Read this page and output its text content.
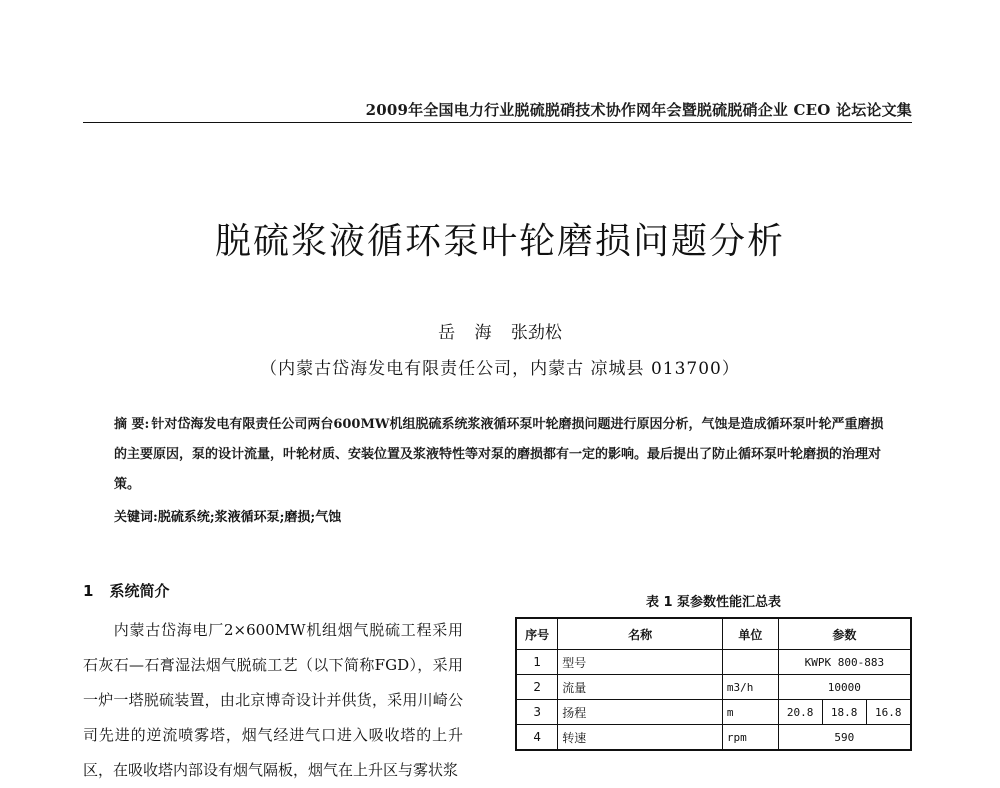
2009年全国电力行业脱硫脱硝技术协作网年会暨脱硫脱硝企业 CEO 论坛论文集
脱硫浆液循环泵叶轮磨损问题分析
岳 海 张劲松
（内蒙古岱海发电有限责任公司，内蒙古 凉城县 013700）
摘 要: 针对岱海发电有限责任公司两台600MW机组脱硫系统浆液循环泵叶轮磨损问题进行原因分析，气蚀是造成循环泵叶轮严重磨损的主要原因，泵的设计流量，叶轮材质、安装位置及浆液特性等对泵的磨损都有一定的影响。最后提出了防止循环泵叶轮磨损的治理对策。
关键词:脱硫系统;浆液循环泵;磨损;气蚀
1 系统简介
内蒙古岱海电厂2×600MW机组烟气脱硫工程采用石灰石—石膏湿法烟气脱硫工艺（以下简称FGD），采用一炉一塔脱硫装置，由北京博奇设计并供货，采用川崎公司先进的逆流喷雾塔，烟气经进气口进入吸收塔的上升区，在吸收塔内部设有烟气隔板，烟气在上升区与雾状浆
表 1 泵参数性能汇总表
序号	名称	单位	参数		
1	型号		KWPK 800-883		
2	流量	m3/h	10000		
3	扬程	m	20.8	18.8	16.8
4	转速	rpm	590		
